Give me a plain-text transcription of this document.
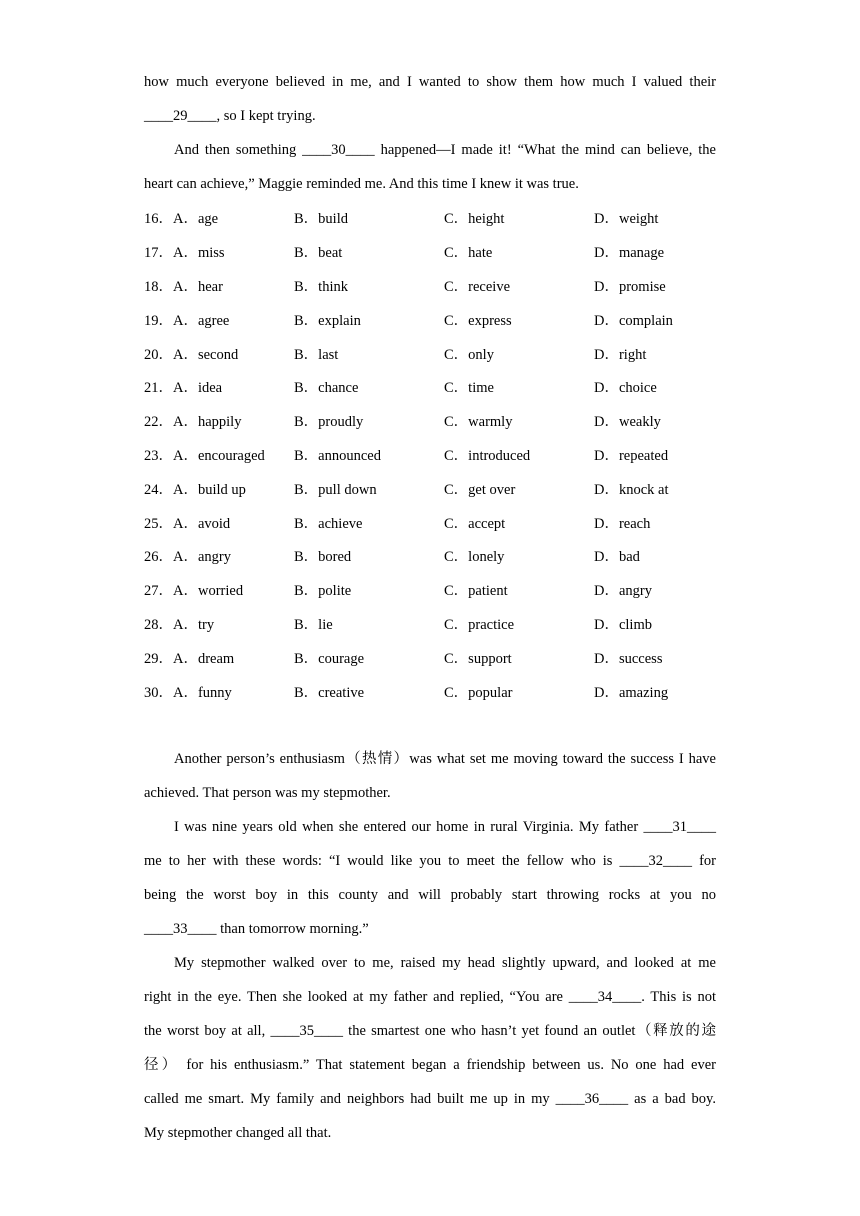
how much everyone believed in me, and I wanted to show them how much I valued their

____29____, so I kept trying.

And then something ____30____ happened—I made it! “What the mind can believe, the

heart can achieve,” Maggie reminded me. And this time I knew it was true.

16．A．age	B．build	C．height	D．weight
17．A．miss	B．beat	C．hate	D．manage
18．A．hear	B．think	C．receive	D．promise
19．A．agree	B．explain	C．express	D．complain
20．A．second	B．last	C．only	D．right
21．A．idea	B．chance	C．time	D．choice
22．A．happily	B．proudly	C．warmly	D．weakly
23．A．encouraged	B．announced	C．introduced	D．repeated
24．A．build up	B．pull down	C．get over	D．knock at
25．A．avoid	B．achieve	C．accept	D．reach
26．A．angry	B．bored	C．lonely	D．bad
27．A．worried	B．polite	C．patient	D．angry
28．A．try	B．lie	C．practice	D．climb
29．A．dream	B．courage	C．support	D．success
30．A．funny	B．creative	C．popular	D．amazing

Another person’s enthusiasm（热情）was what set me moving toward the success I have

achieved. That person was my stepmother.

I was nine years old when she entered our home in rural Virginia. My father ____31____

me to her with these words: “I would like you to meet the fellow who is ____32____ for

being the worst boy in this county and will probably start throwing rocks at you no

____33____ than tomorrow morning.”

My stepmother walked over to me, raised my head slightly upward, and looked at me

right in the eye. Then she looked at my father and replied, “You are ____34____. This is not

the worst boy at all, ____35____ the smartest one who hasn’t yet found an outlet（释放的途

径） for his enthusiasm.” That statement began a friendship between us. No one had ever

called me smart. My family and neighbors had built me up in my ____36____ as a bad boy.

My stepmother changed all that.
